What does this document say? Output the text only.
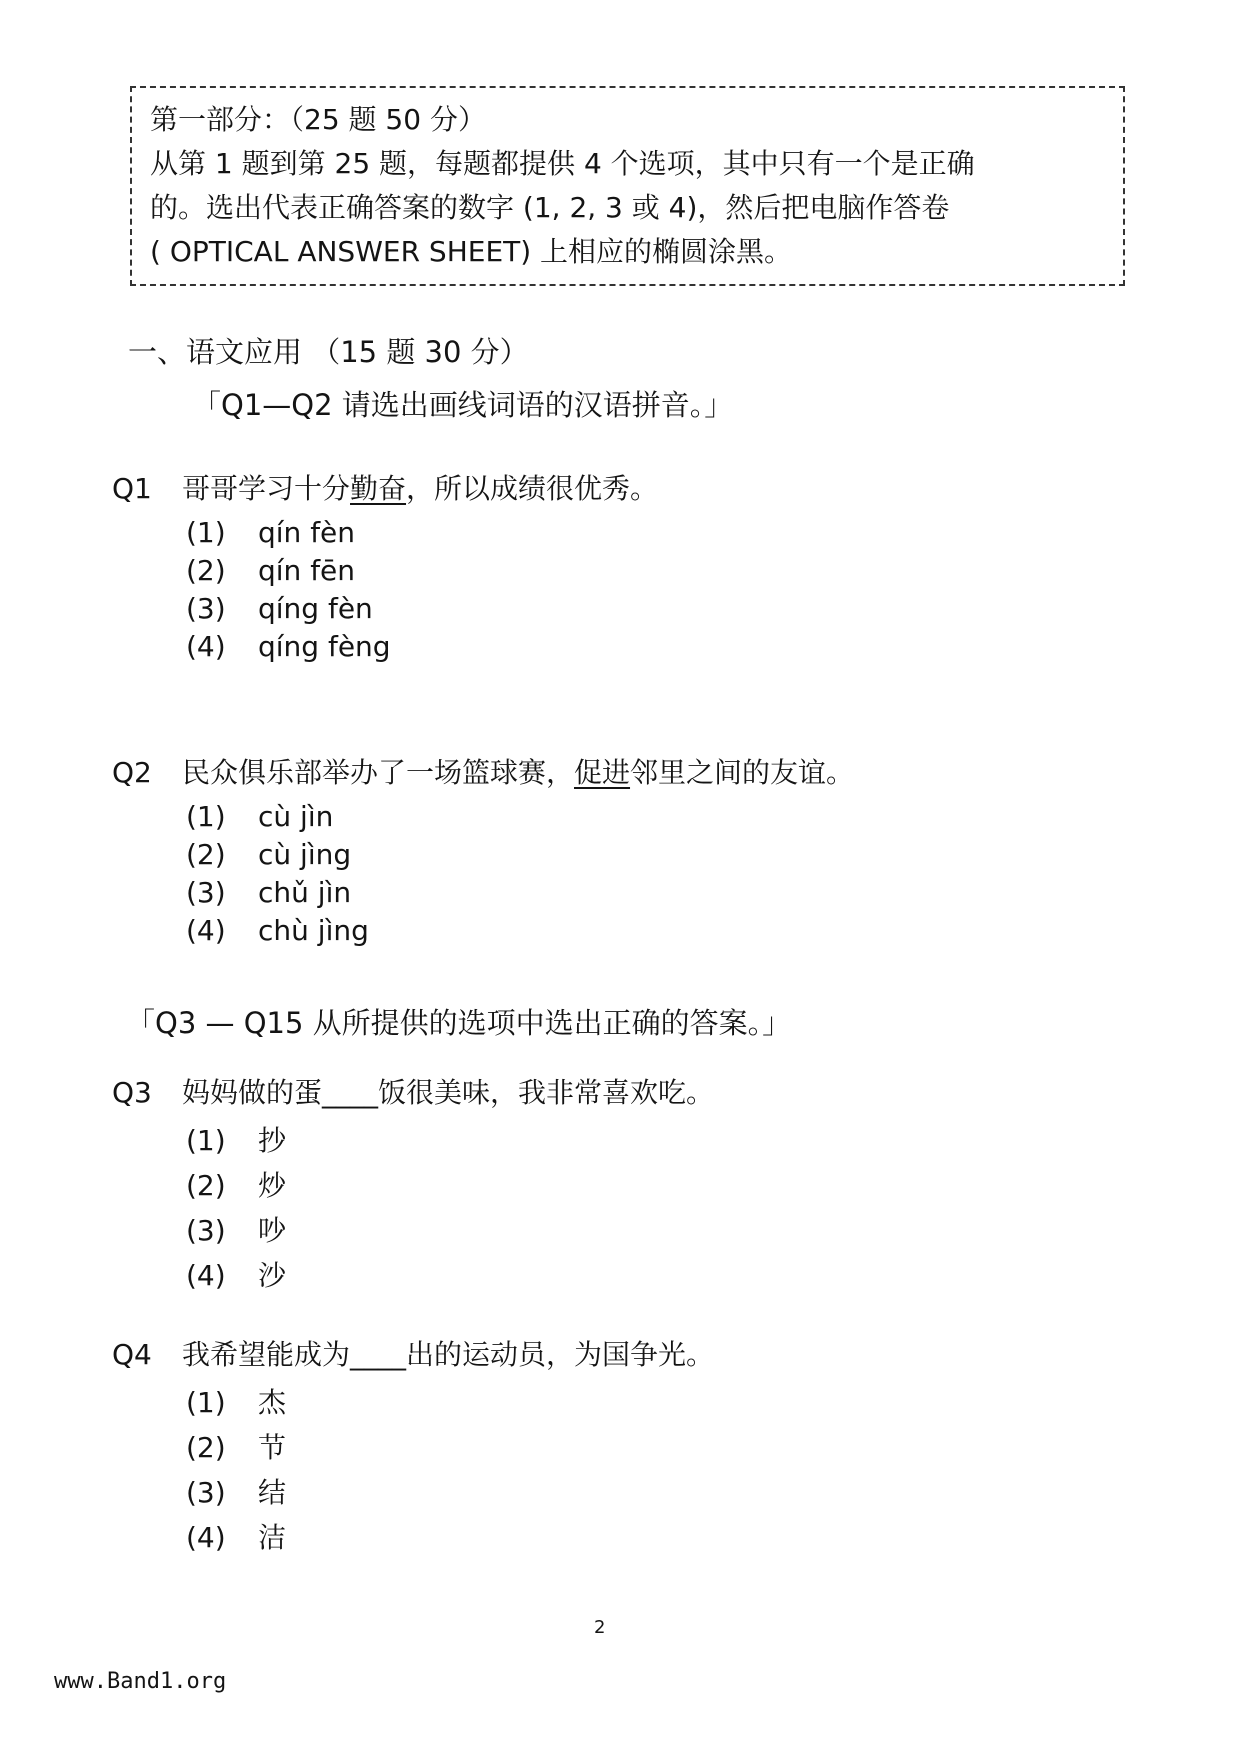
第一部分：（25 题 50 分）
从第 1 题到第 25 题，每题都提供 4 个选项，其中只有一个是正确
的。选出代表正确答案的数字 (1, 2, 3 或 4)，然后把电脑作答卷
( OPTICAL ANSWER SHEET) 上相应的椭圆涂黑。
一、语文应用 （15 题 30 分）
「Q1—Q2 请选出画线词语的汉语拼音。」
Q1 哥哥学习十分勤奋，所以成绩很优秀。
(1) qín fèn
(2) qín fēn
(3) qíng fèn
(4) qíng fèng
Q2 民众俱乐部举办了一场篮球赛，促进邻里之间的友谊。
(1) cù jìn
(2) cù jìng
(3) chǔ jìn
(4) chù jìng
「Q3 — Q15 从所提供的选项中选出正确的答案。」
Q3 妈妈做的蛋____饭很美味，我非常喜欢吃。
(1) 抄
(2) 炒
(3) 吵
(4) 沙
Q4 我希望能成为____出的运动员，为国争光。
(1) 杰
(2) 节
(3) 结
(4) 洁
2
www.Band1.org
